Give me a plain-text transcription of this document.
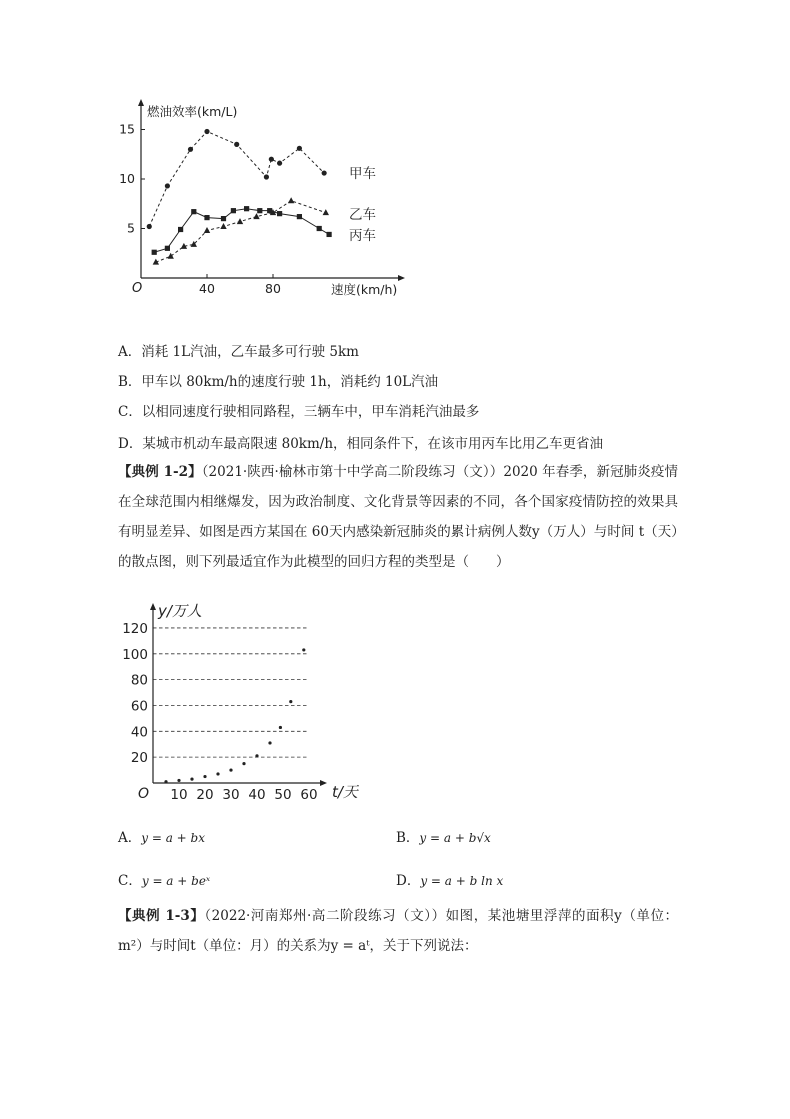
燃油效率(km/L)
速度(km/h)
O
15
10
5
40	80
甲车
乙车
丙车
A．消耗 1L汽油，乙车最多可行驶 5km
B．甲车以 80km/h的速度行驶 1h，消耗约 10L汽油
C．以相同速度行驶相同路程，三辆车中，甲车消耗汽油最多
D．某城市机动车最高限速 80km/h，相同条件下，在该市用丙车比用乙车更省油
【典例 1-2】（2021·陕西·榆林市第十中学高二阶段练习（文））2020 年春季，新冠肺炎疫情在全球范围内相继爆发，因为政治制度、文化背景等因素的不同，各个国家疫情防控的效果具有明显差异、如图是西方某国在 60天内感染新冠肺炎的累计病例人数y（万人）与时间 t（天）的散点图，则下列最适宜作为此模型的回归方程的类型是（　　）
y/万人
t/天
O
120
100
80
60
40
20
10 20 30 40 50 60
A．y = a + bx	B．y = a + b√x
C．y = a + beˣ	D．y = a + b ln x
【典例 1-3】（2022·河南郑州·高二阶段练习（文））如图，某池塘里浮萍的面积y（单位：m²）与时间t（单位：月）的关系为y = aᵗ，关于下列说法：
